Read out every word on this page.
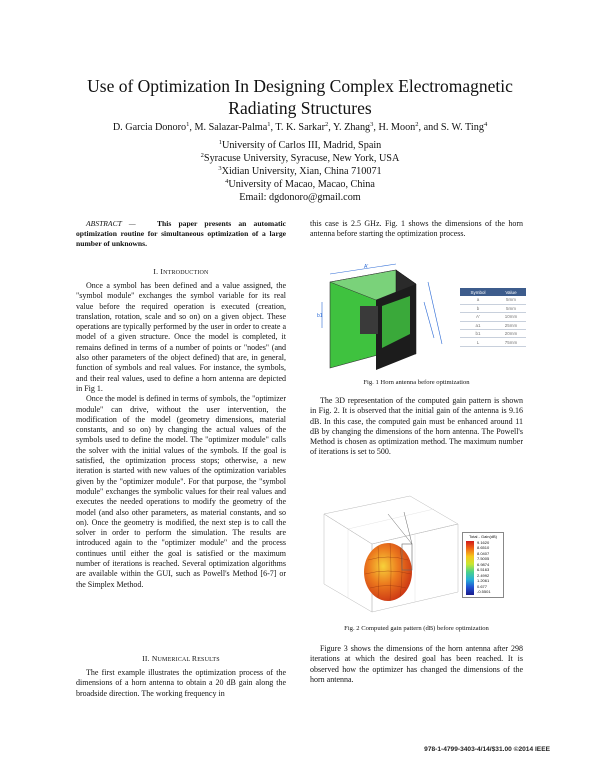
Use of Optimization In Designing Complex Electromagnetic
Radiating Structures
D. Garcia Donoro$^1$, M. Salazar-Palma$^1$, T. K. Sarkar$^2$, Y. Zhang$^3$, H. Moon$^2$, and S. W. Ting$^4$
$^1$University of Carlos III, Madrid, Spain
$^2$Syracuse University, Syracuse, New York, USA
$^3$Xidian University, Xian, China 710071
$^4$University of Macao, Macao, China
Email: dgdonoro@gmail.com
ABSTRACT —	This paper presents an automatic optimization routine for simultaneous optimization of a large number of unknowns.
I. INTRODUCTION

Once a symbol has been defined and a value assigned, the "symbol module" exchanges the symbol variable for its real value before the required operation is executed (creation, translation, rotation, scale and so on) on a given object. These operations are typically performed by the user in order to create a model of a given structure. Once the model is completed, it remains defined in terms of a number of points or "nodes" (and also other parameters of the object defined) that are, in general, function of symbols and real values. For instance, the symbols, and their real values, used to define a horn antenna are depicted in Fig 1.

Once the model is defined in terms of symbols, the "optimizer module" can drive, without the user intervention, the modification of the model (geometry dimensions, material constants, and so on) by changing the actual values of the symbols used to define the model. The "optimizer module" calls the solver with the initial values of the symbols. If the goal is satisfied, the optimization process stops; otherwise, a new iteration is started with new values of the optimization variables given by the "optimizer module". For that purpose, the "symbol module" exchanges the symbolic values for their real values and executes the needed operations to modify the geometry of the model (and also other parameters, as material constants, and so on). Once the geometry is modified, the next step is to call the solver in order to perform the simulation. The results are introduced again to the "optimizer module" and the process continues until either the goal is satisfied or the maximum number of iterations is reached. Several optimization algorithms are available within the GUI, such as Powell's Method [6-7] or the Simplex Method.

II. NUMERICAL RESULTS

The first example illustrates the optimization process of the dimensions of a horn antenna to obtain a 20 dB gain along the broadside direction. The working frequency in

this case is 2.5 GHz. Fig. 1 shows the dimensions of the horn antenna before starting the optimization process.

A'
b1
Symbol	Value
a	5mm
b	5mm
A'	10mm
a1	25mm
b1	20mm
L	75mm
Fig. 1 Horn antenna before optimization

The 3D representation of the computed gain pattern is shown in Fig. 2. It is observed that the initial gain of the antenna is 9.16 dB. In this case, the computed gain must be enhanced around 11 dB by changing the dimensions of the horn antenna. The Powell's Method is chosen as optimization method. The maximum number of iterations is set to 500.

Total - Gain(dB)
9.1620
8.6510
8.0407
7.5005
6.9874
6.5163
2.4992
1.2061
0.677
-0.5501
Fig. 2 Computed gain pattern (dB) before optimization

Figure 3 shows the dimensions of the horn antenna after 298 iterations at which the desired goal has been reached. It is observed how the optimizer has changed the dimensions of the horn antenna.

978-1-4799-3403-4/14/$31.00 ©2014 IEEE
